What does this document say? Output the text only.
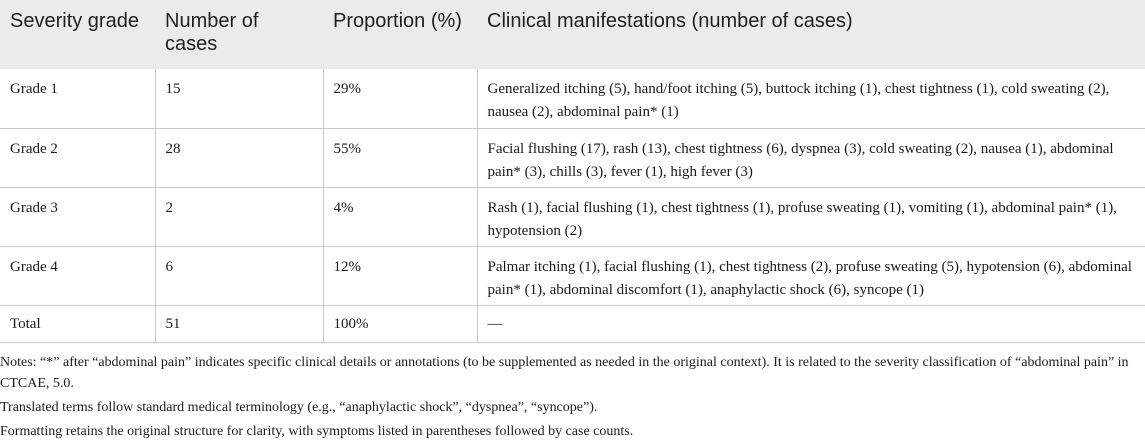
Severity grade	Number of cases	Proportion (%)	Clinical manifestations (number of cases)
Grade 1	15	29%	Generalized itching (5), hand/foot itching (5), buttock itching (1), chest tightness (1), cold sweating (2), nausea (2), abdominal pain* (1)
Grade 2	28	55%	Facial flushing (17), rash (13), chest tightness (6), dyspnea (3), cold sweating (2), nausea (1), abdominal pain* (3), chills (3), fever (1), high fever (3)
Grade 3	2	4%	Rash (1), facial flushing (1), chest tightness (1), profuse sweating (1), vomiting (1), abdominal pain* (1), hypotension (2)
Grade 4	6	12%	Palmar itching (1), facial flushing (1), chest tightness (2), profuse sweating (5), hypotension (6), abdominal pain* (1), abdominal discomfort (1), anaphylactic shock (6), syncope (1)
Total	51	100%	—

Notes: “*” after “abdominal pain” indicates specific clinical details or annotations (to be supplemented as needed in the original context). It is related to the severity classification of “abdominal pain” in CTCAE, 5.0.

Translated terms follow standard medical terminology (e.g., “anaphylactic shock”, “dyspnea”, “syncope”).

Formatting retains the original structure for clarity, with symptoms listed in parentheses followed by case counts.
